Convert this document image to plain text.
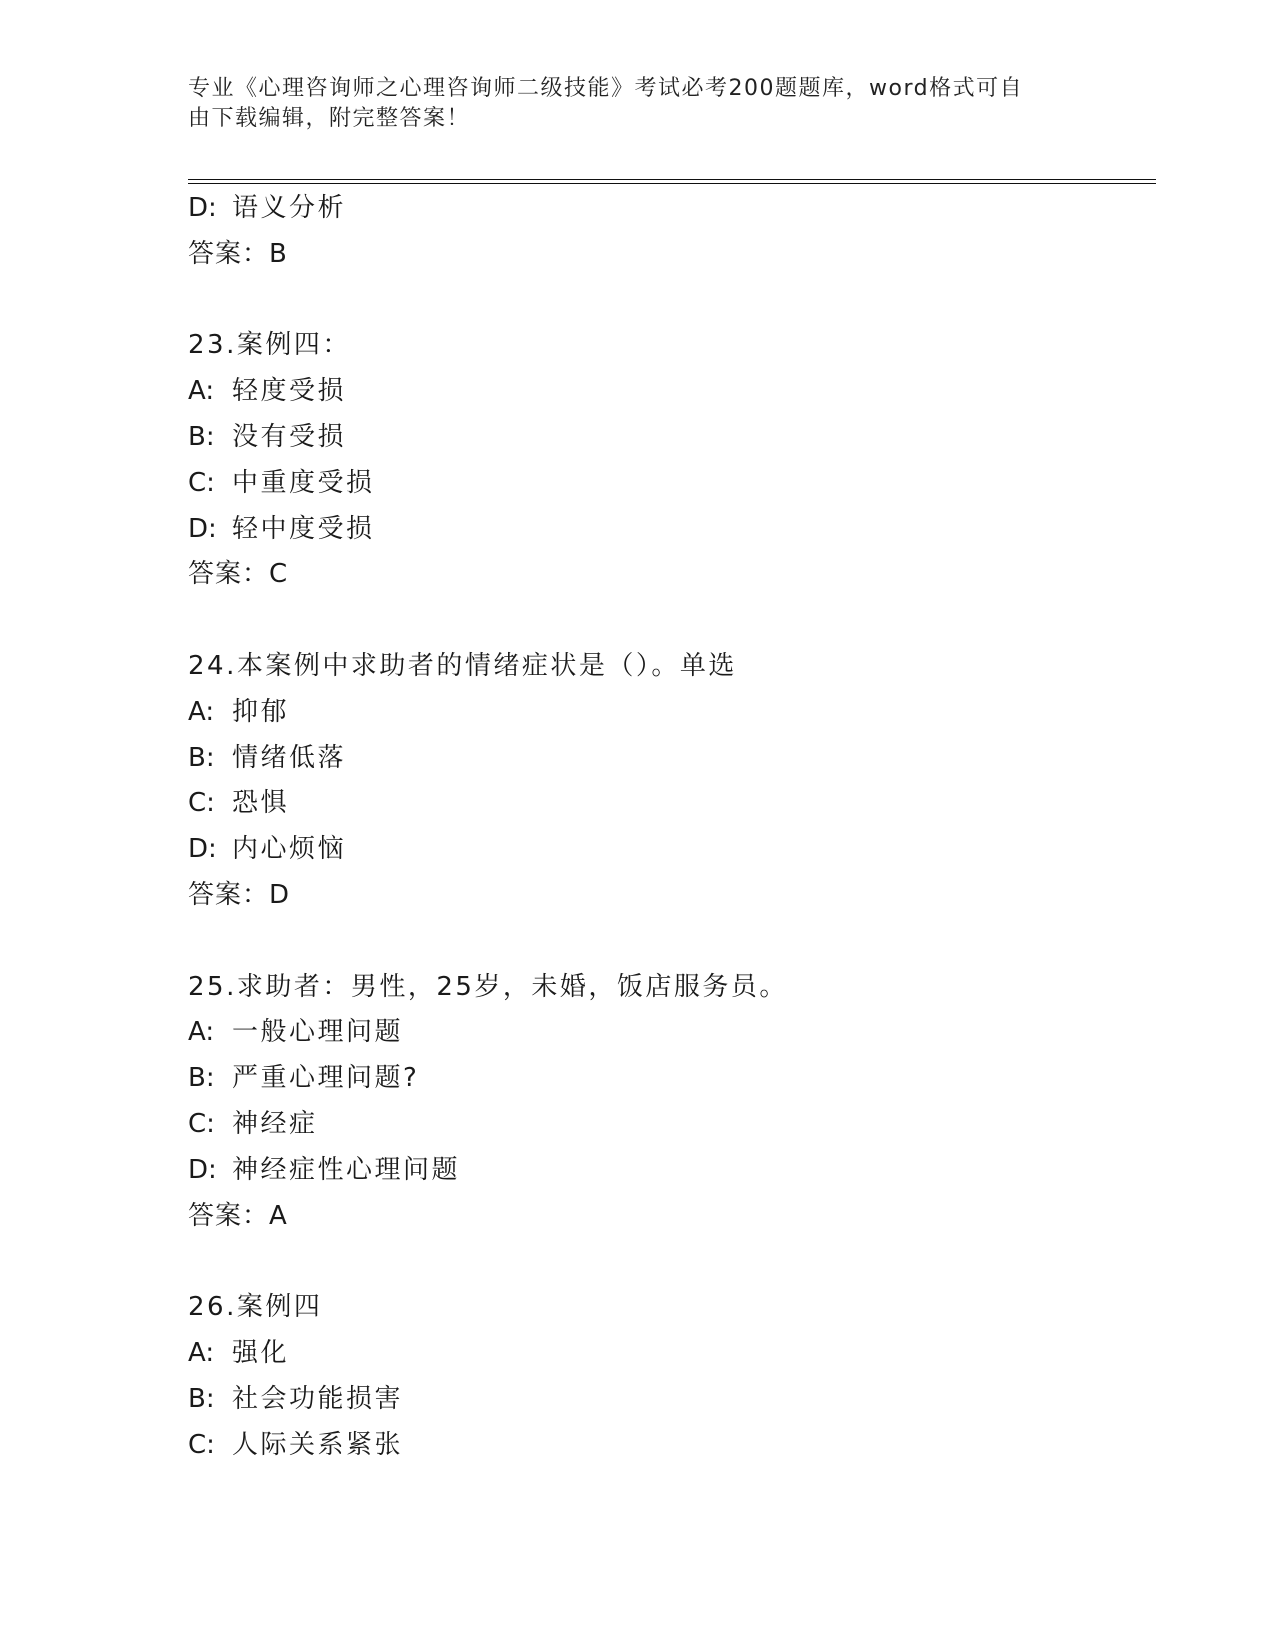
专业《心理咨询师之心理咨询师二级技能》考试必考200题题库，word格式可自
由下载编辑，附完整答案！
D: 语义分析
答案：B
23.案例四：
A: 轻度受损
B: 没有受损
C: 中重度受损
D: 轻中度受损
答案：C
24.本案例中求助者的情绪症状是（）。单选
A: 抑郁
B: 情绪低落
C: 恐惧
D: 内心烦恼
答案：D
25.求助者：男性，25岁，未婚，饭店服务员。
A: 一般心理问题
B: 严重心理问题?
C: 神经症
D: 神经症性心理问题
答案：A
26.案例四
A: 强化
B: 社会功能损害
C: 人际关系紧张
